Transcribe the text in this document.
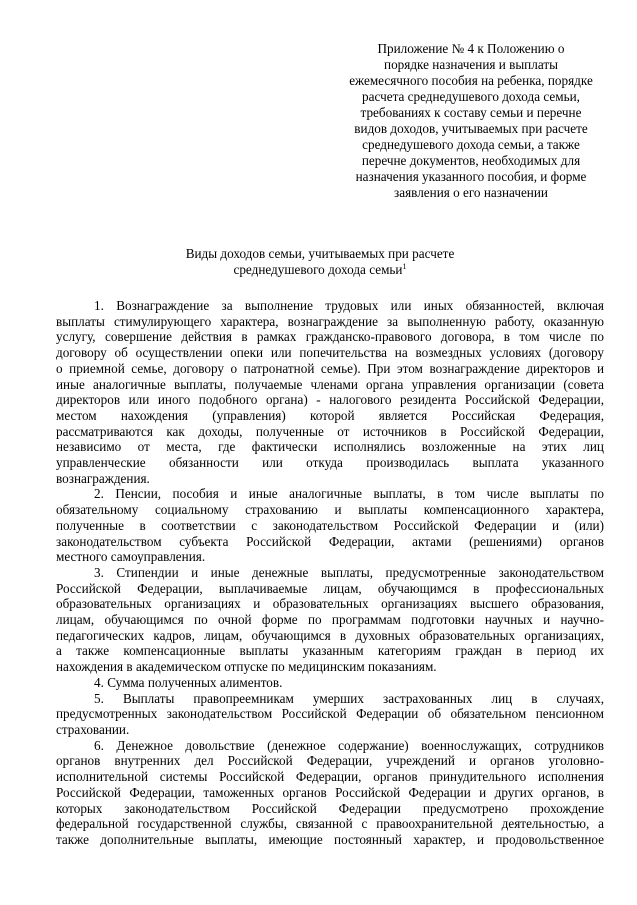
Приложение № 4 к Положению о
порядке назначения и выплаты
ежемесячного пособия на ребенка, порядке
расчета среднедушевого дохода семьи,
требованиях к составу семьи и перечне
видов доходов, учитываемых при расчете
среднедушевого дохода семьи, а также
перечне документов, необходимых для
назначения указанного пособия, и форме
заявления о его назначении
Виды доходов семьи, учитываемых при расчете
среднедушевого дохода семьи$^1$

1. Вознаграждение за выполнение трудовых или иных обязанностей, включая

выплаты стимулирующего характера, вознаграждение за выполненную работу, оказанную

услугу, совершение действия в рамках гражданско-правового договора, в том числе по

договору об осуществлении опеки или попечительства на возмездных условиях (договору

о приемной семье, договору о патронатной семье). При этом вознаграждение директоров и

иные аналогичные выплаты, получаемые членами органа управления организации (совета

директоров или иного подобного органа) - налогового резидента Российской Федерации,

местом нахождения (управления) которой является Российская Федерация,

рассматриваются как доходы, полученные от источников в Российской Федерации,

независимо от места, где фактически исполнялись возложенные на этих лиц

управленческие обязанности или откуда производилась выплата указанного

вознаграждения.

2. Пенсии, пособия и иные аналогичные выплаты, в том числе выплаты по

обязательному социальному страхованию и выплаты компенсационного характера,

полученные в соответствии с законодательством Российской Федерации и (или)

законодательством субъекта Российской Федерации, актами (решениями) органов

местного самоуправления.

3. Стипендии и иные денежные выплаты, предусмотренные законодательством

Российской Федерации, выплачиваемые лицам, обучающимся в профессиональных

образовательных организациях и образовательных организациях высшего образования,

лицам, обучающимся по очной форме по программам подготовки научных и научно-

педагогических кадров, лицам, обучающимся в духовных образовательных организациях,

а также компенсационные выплаты указанным категориям граждан в период их

нахождения в академическом отпуске по медицинским показаниям.

4. Сумма полученных алиментов.

5. Выплаты правопреемникам умерших застрахованных лиц в случаях,

предусмотренных законодательством Российской Федерации об обязательном пенсионном

страховании.

6. Денежное довольствие (денежное содержание) военнослужащих, сотрудников

органов внутренних дел Российской Федерации, учреждений и органов уголовно-

исполнительной системы Российской Федерации, органов принудительного исполнения

Российской Федерации, таможенных органов Российской Федерации и других органов, в

которых законодательством Российской Федерации предусмотрено прохождение

федеральной государственной службы, связанной с правоохранительной деятельностью, а

также дополнительные выплаты, имеющие постоянный характер, и продовольственное
